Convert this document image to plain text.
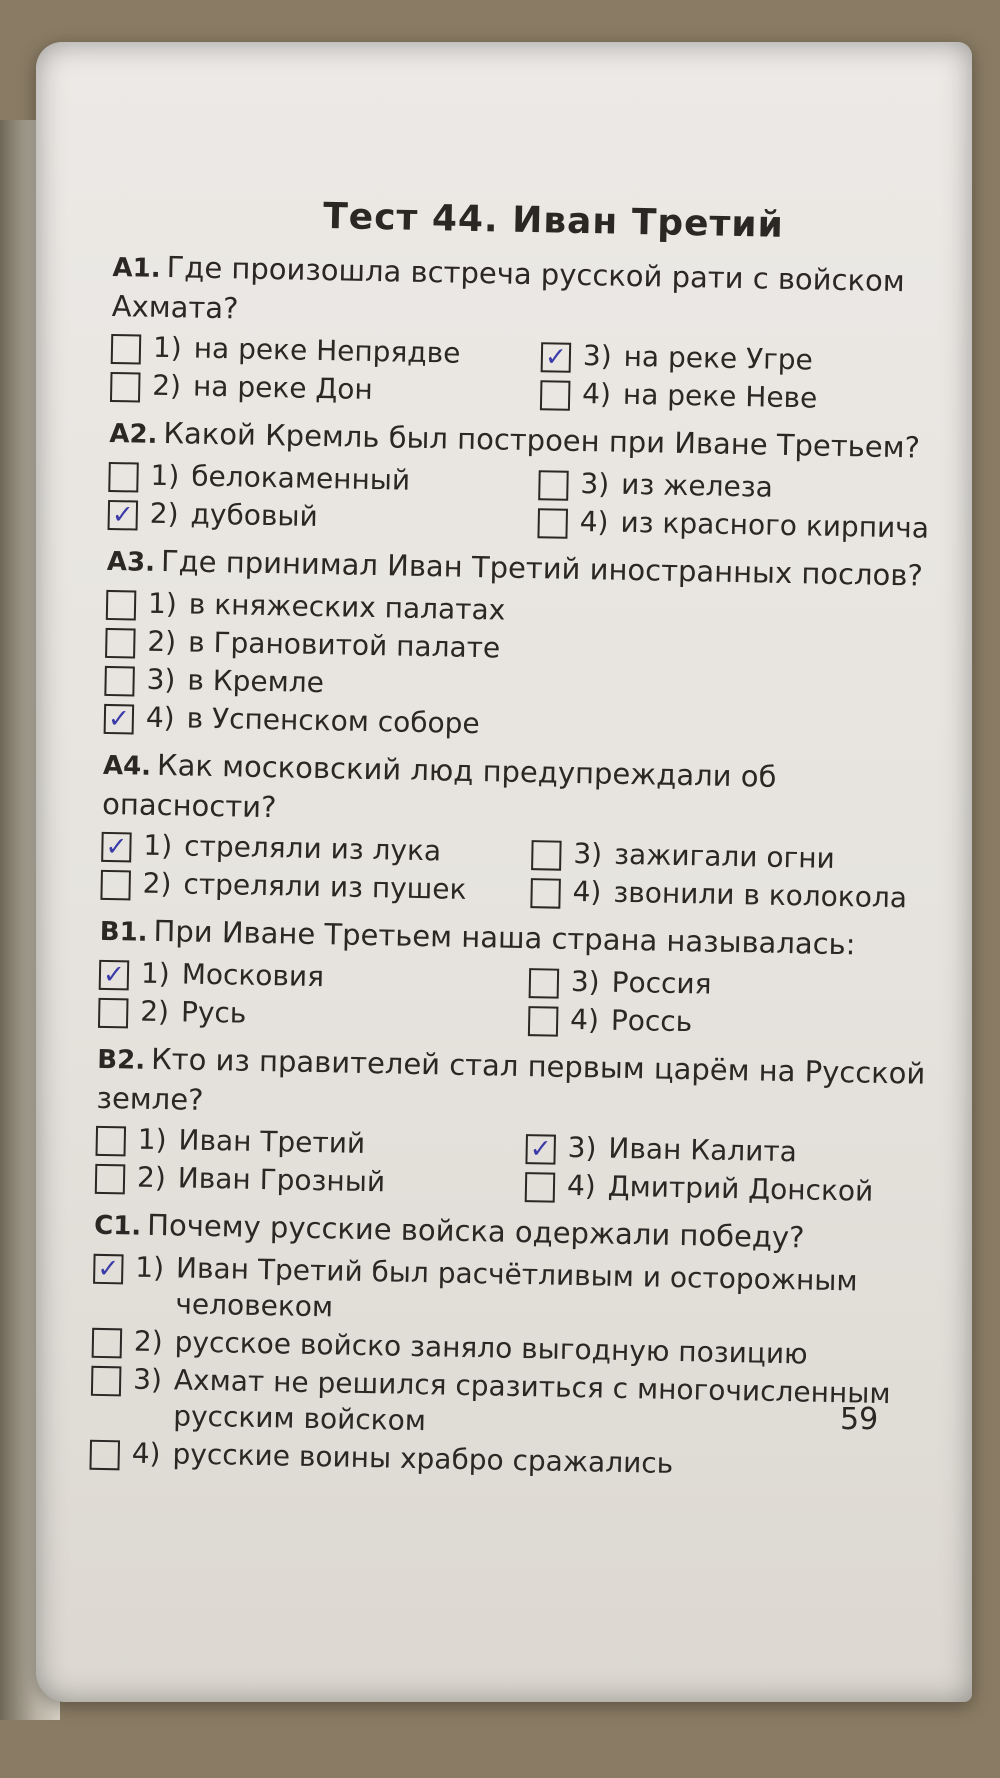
Тест 44. Иван Третий
А1. Где произошла встреча русской рати с войском Ахмата?
1) на реке Непрядве	✓ 3) на реке Угре
2) на реке Дон	4) на реке Неве
А2. Какой Кремль был построен при Иване Третьем?
1) белокаменный	3) из железа
✓ 2) дубовый	4) из красного кирпича
А3. Где принимал Иван Третий иностранных послов?
1) в княжеских палатах
2) в Грановитой палате
3) в Кремле
✓ 4) в Успенском соборе
А4. Как московский люд предупреждали об опасности?
✓ 1) стреляли из лука	3) зажигали огни
2) стреляли из пушек	4) звонили в колокола
В1. При Иване Третьем наша страна называлась:
✓ 1) Московия	3) Россия
2) Русь	4) Россь
В2. Кто из правителей стал первым царём на Русской земле?
1) Иван Третий	✓ 3) Иван Калита
2) Иван Грозный	4) Дмитрий Донской
С1. Почему русские войска одержали победу?
✓ 1) Иван Третий был расчётливым и осторожным человеком
2) русское войско заняло выгодную позицию
3) Ахмат не решился сразиться с многочисленным русским войском
4) русские воины храбро сражались
59
